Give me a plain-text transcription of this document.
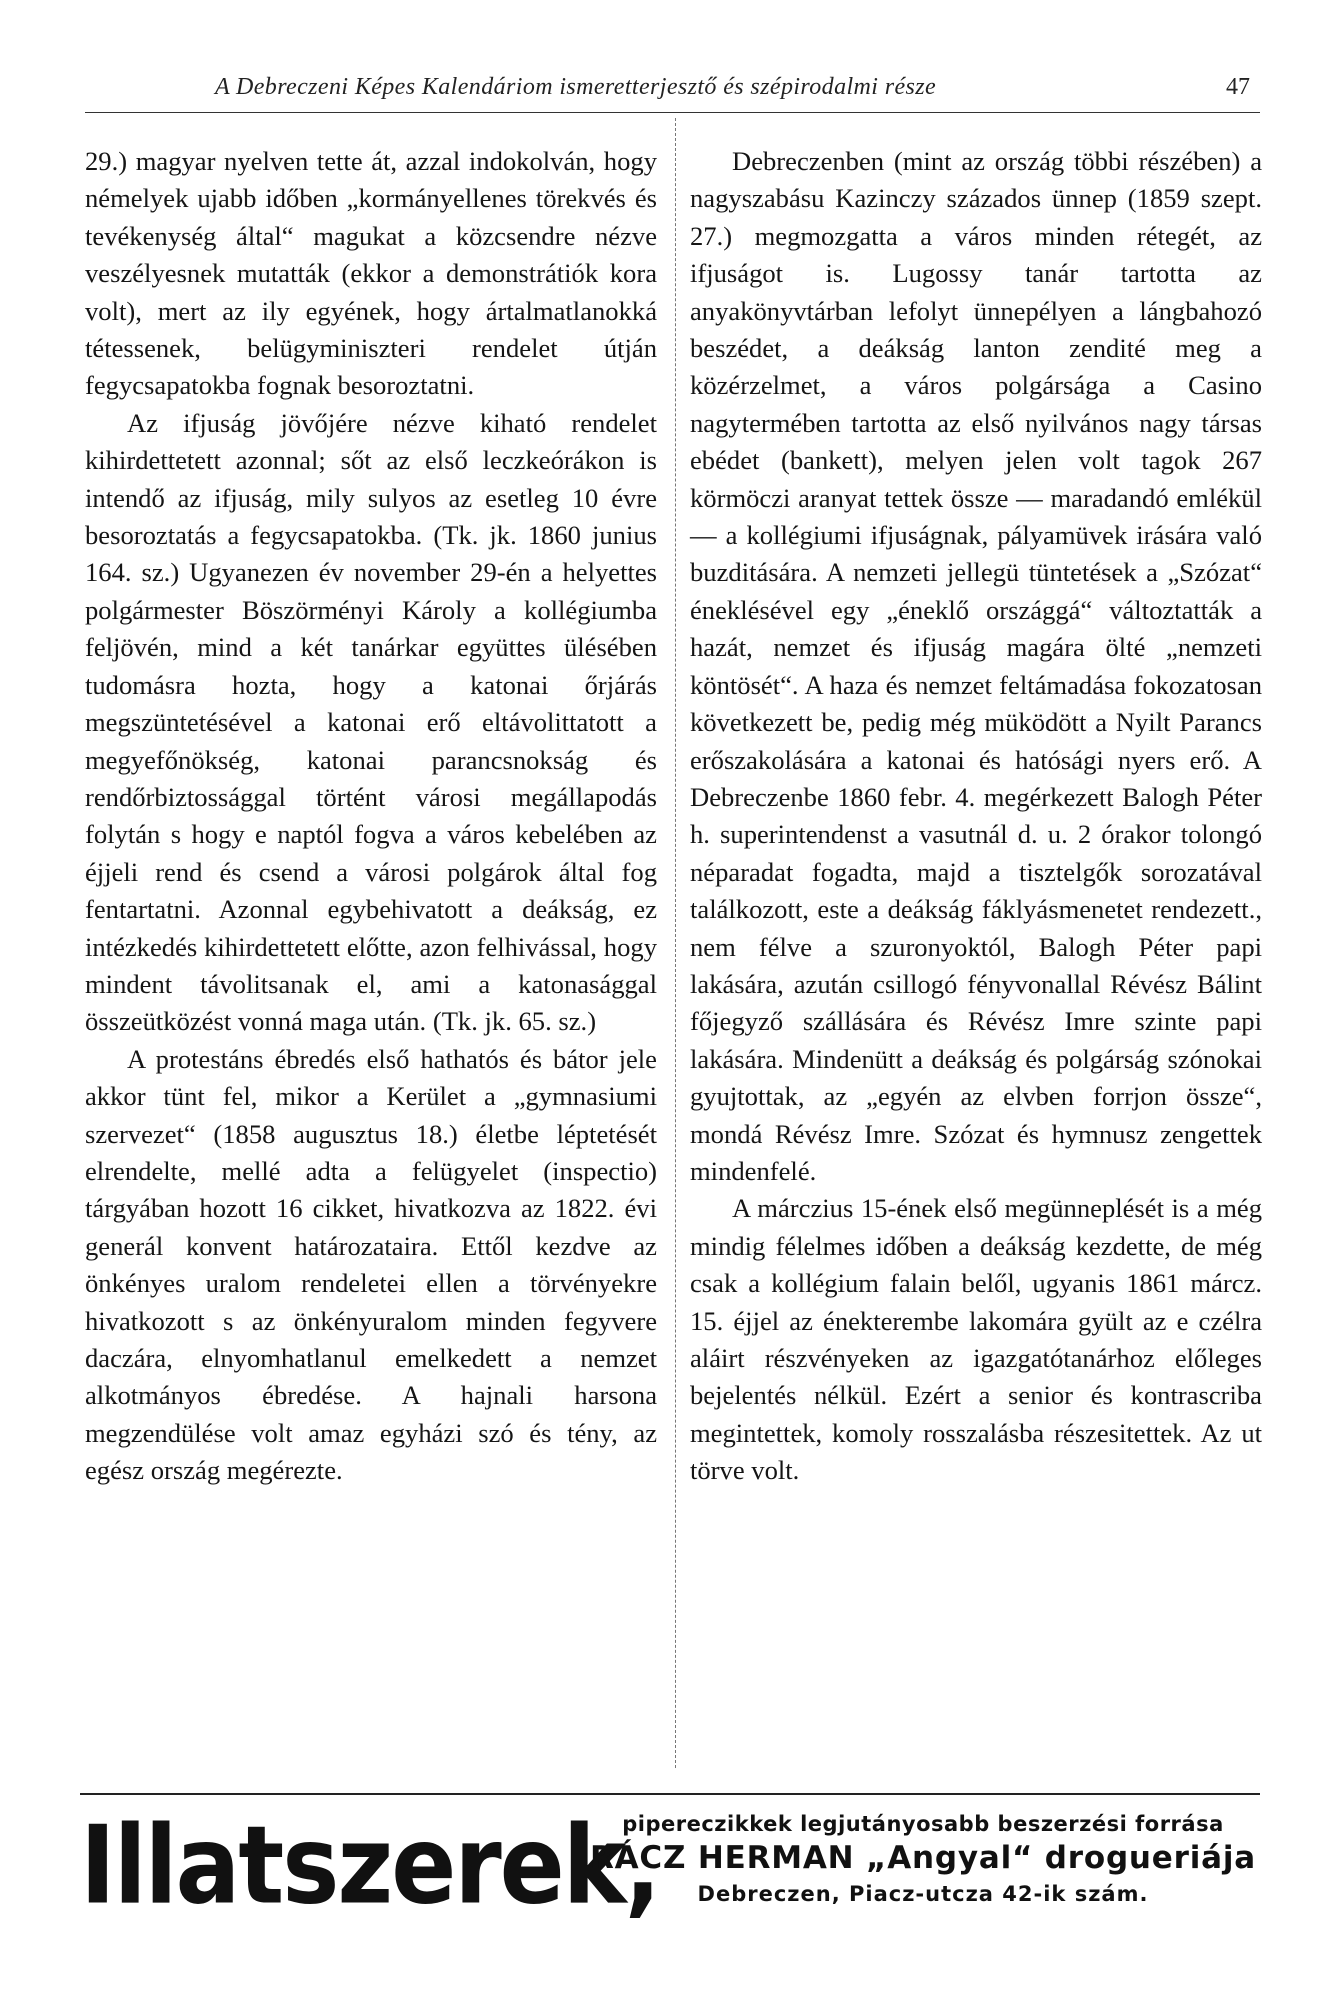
A Debreczeni Képes Kalendáriom ismeretterjesztő és szépirodalmi része	47

29.) magyar nyelven tette át, azzal indokolván, hogy némelyek ujabb időben „kormányellenes törekvés és tevékenység által“ magukat a közcsendre nézve veszélyesnek mutatták (ekkor a demonstrátiók kora volt), mert az ily egyének, hogy ártalmatlanokká tétessenek, belügyminiszteri rendelet útján fegycsapatokba fognak besoroztatni.

Az ifjuság jövőjére nézve kiható rendelet kihirdettetett azonnal; sőt az első leczkeórákon is intendő az ifjuság, mily sulyos az esetleg 10 évre besoroztatás a fegycsapatokba. (Tk. jk. 1860 junius 164. sz.) Ugyanezen év november 29-én a helyettes polgármester Böszörményi Károly a kollégiumba feljövén, mind a két tanárkar együttes ülésében tudomásra hozta, hogy a katonai őrjárás megszüntetésével a katonai erő eltávolittatott a megyefőnökség, katonai parancsnokság és rendőrbiztossággal történt városi megállapodás folytán s hogy e naptól fogva a város kebelében az éjjeli rend és csend a városi polgárok által fog fentartatni. Azonnal egybehivatott a deákság, ez intézkedés kihirdettetett előtte, azon felhivással, hogy mindent távolitsanak el, ami a katonasággal összeütközést vonná maga után. (Tk. jk. 65. sz.)

A protestáns ébredés első hathatós és bátor jele akkor tünt fel, mikor a Kerület a „gymnasiumi szervezet“ (1858 augusztus 18.) életbe léptetését elrendelte, mellé adta a felügyelet (inspectio) tárgyában hozott 16 cikket, hivatkozva az 1822. évi generál konvent határozataira. Ettől kezdve az önkényes uralom rendeletei ellen a törvényekre hivatkozott s az önkényuralom minden fegyvere daczára, elnyomhatlanul emelkedett a nemzet alkotmányos ébredése. A hajnali harsona megzendülése volt amaz egyházi szó és tény, az egész ország megérezte.

Debreczenben (mint az ország többi részében) a nagyszabásu Kazinczy százados ünnep (1859 szept. 27.) megmozgatta a város minden rétegét, az ifjuságot is. Lugossy tanár tartotta az anyakönyvtárban lefolyt ünnepélyen a lángbahozó beszédet, a deákság lanton zendité meg a közérzelmet, a város polgársága a Casino nagytermében tartotta az első nyilvános nagy társas ebédet (bankett), melyen jelen volt tagok 267 körmöczi aranyat tettek össze — maradandó emlékül — a kollégiumi ifjuságnak, pályamüvek irására való buzditására. A nemzeti jellegü tüntetések a „Szózat“ éneklésével egy „éneklő országgá“ változtatták a hazát, nemzet és ifjuság magára ölté „nemzeti köntösét“. A haza és nemzet feltámadása fokozatosan következett be, pedig még müködött a Nyilt Parancs erőszakolására a katonai és hatósági nyers erő. A Debreczenbe 1860 febr. 4. megérkezett Balogh Péter h. superintendenst a vasutnál d. u. 2 órakor tolongó néparadat fogadta, majd a tisztelgők sorozatával találkozott, este a deákság fáklyásmenetet rendezett., nem félve a szuronyoktól, Balogh Péter papi lakására, azután csillogó fényvonallal Révész Bálint főjegyző szállására és Révész Imre szinte papi lakására. Mindenütt a deákság és polgárság szónokai gyujtottak, az „egyén az elvben forrjon össze“, mondá Révész Imre. Szózat és hymnusz zengettek mindenfelé.

A márczius 15-ének első megünneplését is a még mindig félelmes időben a deákság kezdette, de még csak a kollégium falain belől, ugyanis 1861 márcz. 15. éjjel az énekterembe lakomára gyült az e czélra aláirt részvényeken az igazgatótanárhoz előleges bejelentés nélkül. Ezért a senior és kontrascriba megintettek, komoly rosszalásba részesitettek. Az ut törve volt.

Illatszerek,
pipereczikkek legjutányosabb beszerzési forrása
RÁCZ HERMAN „Angyal“ drogueriája
Debreczen, Piacz-utcza 42-ik szám.
